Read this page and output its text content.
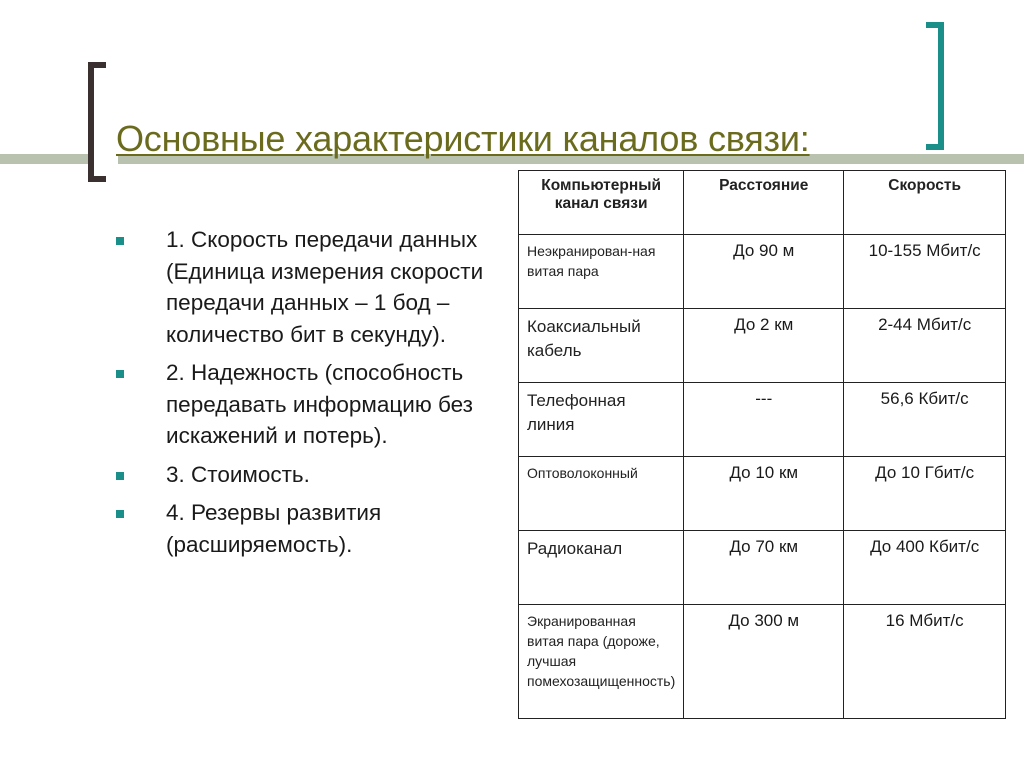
Основные характеристики каналов связи:
1. Скорость передачи данных (Единица измерения скорости передачи данных – 1 бод – количество бит в секунду).
2. Надежность (способность передавать информацию без искажений и потерь).
3. Стоимость.
4. Резервы развития (расширяемость).
Компьютерный канал связи	Расстояние	Скорость
Неэкранирован-ная витая пара	До 90 м	10-155 Мбит/с
Коаксиальный кабель	До 2 км	2-44 Мбит/с
Телефонная линия	---	56,6 Кбит/с
Оптоволоконный	До 10 км	До 10 Гбит/с
Радиоканал	До 70 км	До 400 Кбит/с
Экранированная витая пара (дороже, лучшая помехозащищенность)	До 300 м	16 Мбит/с
